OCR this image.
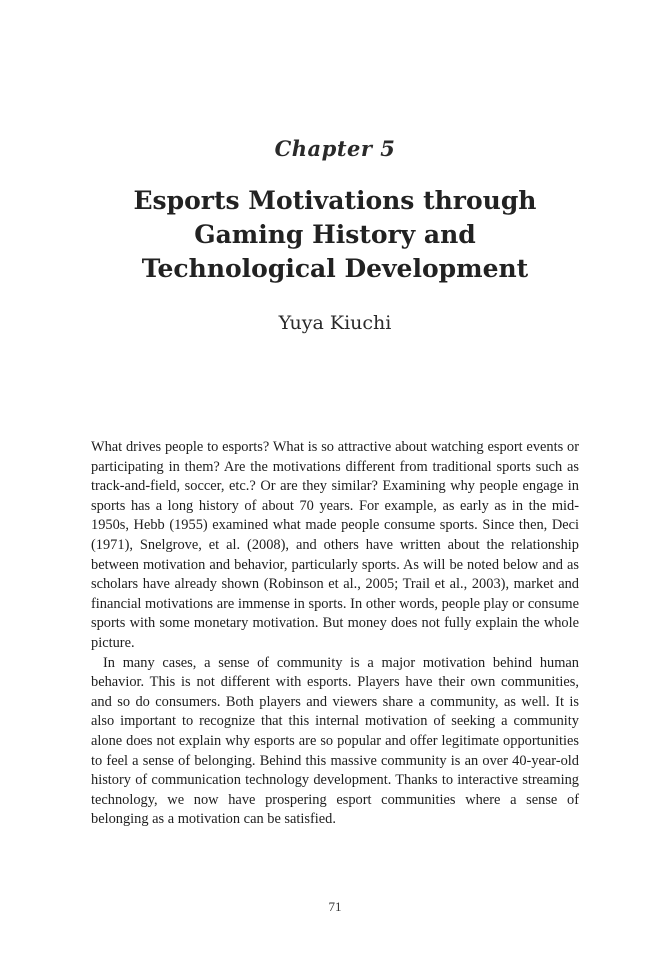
Chapter 5
Esports Motivations through
Gaming History and
Technological Development
Yuya Kiuchi

What drives people to esports? What is so attractive about watching esport events or participating in them? Are the motivations different from traditional sports such as track-and-field, soccer, etc.? Or are they similar? Examining why people engage in sports has a long history of about 70 years. For example, as early as in the mid-1950s, Hebb (1955) examined what made people consume sports. Since then, Deci (1971), Snelgrove, et al. (2008), and others have written about the relationship between motivation and behavior, particularly sports. As will be noted below and as scholars have already shown (Robinson et al., 2005; Trail et al., 2003), market and financial motivations are immense in sports. In other words, people play or consume sports with some monetary motivation. But money does not fully explain the whole picture.

In many cases, a sense of community is a major motivation behind human behavior. This is not different with esports. Players have their own communities, and so do consumers. Both players and viewers share a community, as well. It is also important to recognize that this internal motivation of seeking a community alone does not explain why esports are so popular and offer legitimate opportunities to feel a sense of belonging. Behind this massive community is an over 40-year-old history of communication technology development. Thanks to interactive streaming technology, we now have prospering esport communities where a sense of belonging as a motivation can be satisfied.

71
